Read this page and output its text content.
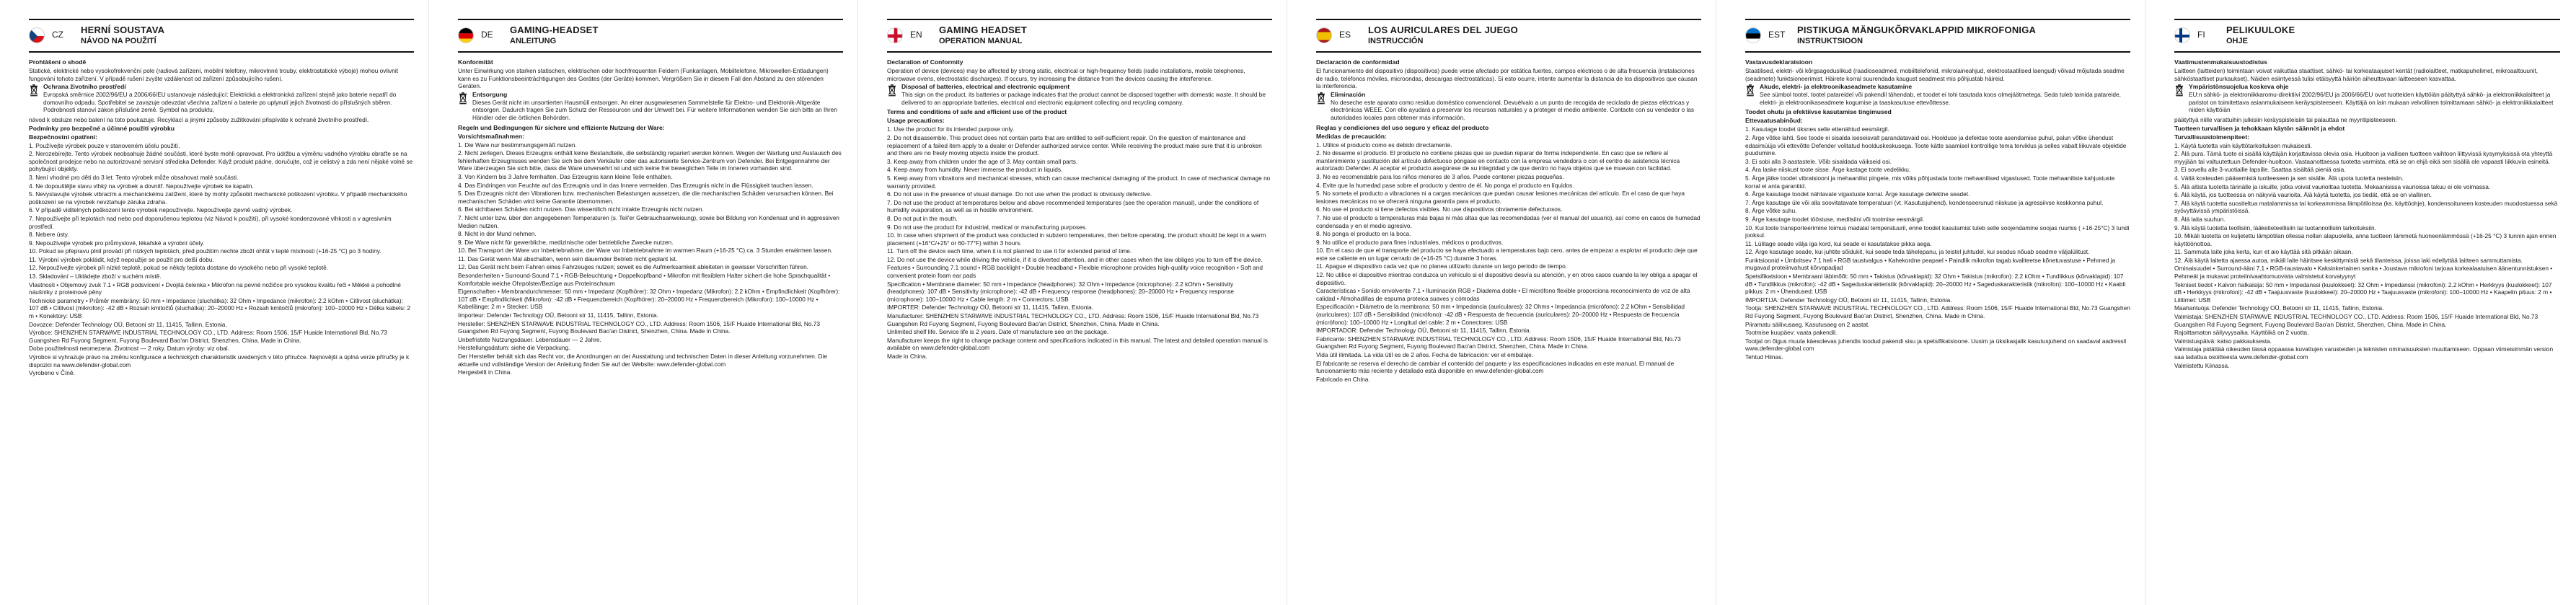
CZ	HERNÍ SOUSTAVA
NÁVOD NA POUŽITÍ
Prohlášení o shodě
Statické, elektrické nebo vysokofrekvenční pole (radiová zařízení, mobilní telefony, mikrovlnné trouby, elektrostatické výboje) mohou ovlivnit fungování tohoto zařízení. V případě rušení zvyšte vzdálenost od zařízení způsobujícího rušení.
Ochrana životního prostředí
Evropská směrnice 2002/96/EU a 2006/66/EU ustanovuje následující: Elektrická a elektronická zařízení stejně jako baterie nepatří do domovního odpadu. Spotřebitel se zavazuje odevzdat všechna zařízení a baterie po uplynutí jejich životnosti do příslušných sběren. Podrobnosti stanoví zákon příslušné země. Symbol na produktu,
návod k obsluze nebo balení na toto poukazuje. Recyklací a jinými způsoby zužitkování přispíváte k ochraně životního prostředí.
Podmínky pro bezpečné a účinné použití výrobku
Bezpečnostní opatření:
1. Používejte výrobek pouze v stanoveném účelu použití.
2. Nerozebírejte. Tento výrobek neobsahuje žádné součásti, které byste mohli opravovat. Pro údržbu a výměnu vadného výrobku obraťte se na společnost prodejce nebo na autorizované servisní střediska Defender. Když produkt pádne, doručujte, což je celistvý a zda není nějaké volné se pohybující objekty.
3. Není vhodné pro děti do 3 let. Tento výrobek může obsahovat malé součásti.
4. Ne dopouštějte stavu vlhký na výrobek a dovnitř. Nepoužívejte výrobek ke kapalin.
5. Nevystavujte výrobek vibracím a mechanickému zatížení, které by mohly způsobit mechanické poškození výrobku. V případě mechanického poškození se na výrobek nevztahuje záruka zdraha.
6. V případě viditelných poškození tento výrobek nepoužívejte. Nepoužívejte zjevně vadný výrobek.
7. Nepoužívejte při teplotách nad nebo pod doporučenou teplotou (viz Návod k použití), při vysoké kondenzované vlhkosti a v agresivním prostředí.
8. Nebere ústy.
9. Nepoužívejte výrobek pro průmyslové, lékařské a výrobní účely.
10. Pokud se přepravu plnil provádí při nízkých teplotách, před použitím nechte zboží ohřát v teplé místnosti (+16-25 °C) po 3 hodiny.
11. Výrobní výrobek pokládit, když nepoužije se použít pro delší dobu.
12. Nepoužívejte výrobek při nízké teplotě, pokud se někdy teplota dostane do vysokého nebo při vysoké teplotě.
13. Skladování – Ukládejte zboží v suchém místě.
Vlastnosti • Objemový zvuk 7.1 • RGB podsvícení • Dvojitá čelenka • Mikrofon na pevné nožičce pro vysokou kvalitu řeči • Měkké a pohodlné náušníky z proteinové pěny
Technické parametry • Průměr membrány: 50 mm • Impedance (sluchátka): 32 Ohm • Impedance (mikrofon): 2.2 kOhm • Citlivost (sluchátka): 107 dB • Citlivost (mikrofon): -42 dB • Rozsah kmitočtů (sluchátka): 20–20000 Hz • Rozsah kmitočtů (mikrofon): 100–10000 Hz • Délka kabelu: 2 m • Konektory: USB
Dovozce: Defender Technology OÜ, Betooni str 11, 11415, Tallinn, Estonia.
Výrobce: SHENZHEN STARWAVE INDUSTRIAL TECHNOLOGY CO., LTD. Address: Room 1506, 15/F Huaide International Bld, No.73 Guangshen Rd Fuyong Segment, Fuyong Boulevard Bao'an District, Shenzhen, China. Made in China.
Doba použitelnosti neomezena. Životnost — 2 roky. Datum výroby: viz obal.
Výrobce si vyhrazuje právo na změnu konfigurace a technických charakteristik uvedených v této příručce. Nejnovější a úplná verze příručky je k dispozici na www.defender-global.com
Vyrobeno v Číně.
DE	GAMING-HEADSET
ANLEITUNG
Konformität
Unter Einwirkung von starken statischen, elektrischen oder hochfrequenten Feldern (Funkanlagen, Mobiltelefone, Mikrowellen-Entladungen) kann es zu Funktionsbeeinträchtigungen des Gerätes (der Geräte) kommen. Vergrößern Sie in diesem Fall den Abstand zu den störenden Geräten.
Entsorgung
Dieses Gerät nicht im unsortierten Hausmüll entsorgen. An einer ausgewiesenen Sammelstelle für Elektro- und Elektronik-Altgeräte entsorgen. Dadurch tragen Sie zum Schutz der Ressourcen und der Umwelt bei. Für weitere Informationen wenden Sie sich bitte an Ihren Händler oder die örtlichen Behörden.
Regeln und Bedingungen für sichere und effiziente Nutzung der Ware:
Vorsichtsmaßnahmen:
1. Die Ware nur bestimmungsgemäß nutzen.
2. Nicht zerlegen. Dieses Erzeugnis enthält keine Bestandteile, die selbständig repariert werden können. Wegen der Wartung und Austausch des fehlerhaften Erzeugnisses wenden Sie sich bei dem Verkäufer oder das autorisierte Service-Zentrum von Defender. Bei Entgegennahme der Ware überzeugen Sie sich bitte, dass die Ware unversehrt ist und sich keine frei beweglichen Teile im Inneren vorhanden sind.
3. Von Kindern bis 3 Jahre fernhalten. Das Erzeugnis kann kleine Teile enthalten.
4. Das Eindringen von Feuchte auf das Erzeugnis und in das Innere vermeiden. Das Erzeugnis nicht in die Flüssigkeit tauchen lassen.
5. Das Erzeugnis nicht den Vibrationen bzw. mechanischen Belastungen aussetzen, die die mechanischen Schäden verursachen können. Bei mechanischen Schäden wird keine Garantie übernommen.
6. Bei sichtbaren Schäden nicht nutzen. Das wissentlich nicht intakte Erzeugnis nicht nutzen.
7. Nicht unter bzw. über den angegebenen Temperaturen (s. Teil'er Gebrauchsanweisung), sowie bei Bildung von Kondensat und in aggressiven Medien nutzen.
8. Nicht in der Mund nehmen.
9. Die Ware nicht für gewerbliche, medizinische oder betriebliche Zwecke nutzen.
10. Bei Transport der Ware vor Inbetriebnahme, der Ware vor Inbetriebnahme im warmen Raum (+16-25 °C) ca. 3 Stunden erwärmen lassen.
11. Das Gerät wenn Mal abschalten, wenn sein dauernder Betrieb nicht geplant ist.
12. Das Gerät nicht beim Fahren eines Fahrzeuges nutzen; soweit es die Aufmerksamkeit ableiteten in gewisser Vorschriften führen.
Besonderheiten • Surround-Sound 7.1 • RGB-Beleuchtung • Doppelkopfband • Mikrofon mit flexiblem Halter sichert die hohe Sprachqualität • Komfortable weiche Ohrpolster/Bezüge aus Proteinschaum
Eigenschaften • Membrandurchmesser: 50 mm • Impedanz (Kopfhörer): 32 Ohm • Impedanz (Mikrofon): 2.2 kOhm • Empfindlichkeit (Kopfhörer): 107 dB • Empfindlichkeit (Mikrofon): -42 dB • Frequenzbereich (Kopfhörer): 20–20000 Hz • Frequenzbereich (Mikrofon): 100–10000 Hz • Kabellänge: 2 m • Stecker: USB
Importeur: Defender Technology OÜ, Betooni str 11, 11415, Tallinn, Estonia.
Hersteller: SHENZHEN STARWAVE INDUSTRIAL TECHNOLOGY CO., LTD. Address: Room 1506, 15/F Huaide International Bld, No.73 Guangshen Rd Fuyong Segment, Fuyong Boulevard Bao'an District, Shenzhen, China. Made in China.
Unbefristete Nutzungsdauer. Lebensdauer — 2 Jahre.
Herstellungsdatum: siehe die Verpackung.
Der Hersteller behält sich das Recht vor, die Anordnungen an der Ausstattung und technischen Daten in dieser Anleitung vorzunehmen. Die aktuelle und vollständige Version der Anleitung finden Sie auf der Website: www.defender-global.com
Hergestellt in China.
EN	GAMING HEADSET
OPERATION MANUAL
Declaration of Conformity
Operation of device (devices) may be affected by strong static, electrical or high-frequency fields (radio installations, mobile telephones, microwave ovens, electrostatic discharges). If occurs, try increasing the distance from the devices causing the interference.
Disposal of batteries, electrical and electronic equipment
This sign on the product, its batteries or package indicates that the product cannot be disposed together with domestic waste. It should be delivered to an appropriate batteries, electrical and electronic equipment collecting and recycling company.
Terms and conditions of safe and efficient use of the product
Usage precautions:
1. Use the product for its intended purpose only.
2. Do not disassemble. This product does not contain parts that are entitled to self-sufficient repair. On the question of maintenance and replacement of a failed item apply to a dealer or Defender authorized service center. While receiving the product make sure that it is unbroken and there are no freely moving objects inside the product.
3. Keep away from children under the age of 3. May contain small parts.
4. Keep away from humidity. Never immerse the product in liquids.
5. Keep away from vibrations and mechanical stresses, which can cause mechanical damaging of the product. In case of mechanical damage no warranty provided.
6. Do not use in the presence of visual damage. Do not use when the product is obviously defective.
7. Do not use the product at temperatures below and above recommended temperatures (see the operation manual), under the conditions of humidity evaporation, as well as in hostile environment.
8. Do not put in the mouth.
9. Do not use the product for industrial, medical or manufacturing purposes.
10. In case when shipment of the product was conducted in subzero temperatures, then before operating, the product should be kept in a warm placement (+16°C/+25° or 60-77°F) within 3 hours.
11. Turn off the device each time, when it is not planned to use it for extended period of time.
12. Do not use the device while driving the vehicle, if it is diverted attention, and in other cases when the law obliges you to turn off the device.
Features • Surrounding 7.1 sound • RGB backlight • Double headband • Flexible microphone provides high-quality voice recognition • Soft and convenient protein foam ear pads
Specification • Membrane diameter: 50 mm • Impedance (headphones): 32 Ohm • Impedance (microphone): 2.2 kOhm • Sensitivity (headphones): 107 dB • Sensitivity (microphone): -42 dB • Frequency response (headphones): 20–20000 Hz • Frequency response (microphone): 100–10000 Hz • Cable length: 2 m • Connectors: USB
IMPORTER: Defender Technology OÜ, Betooni str 11, 11415, Tallinn, Estonia.
Manufacturer: SHENZHEN STARWAVE INDUSTRIAL TECHNOLOGY CO., LTD. Address: Room 1506, 15/F Huaide International Bld, No.73 Guangshen Rd Fuyong Segment, Fuyong Boulevard Bao'an District, Shenzhen, China. Made in China.
Unlimited shelf life. Service life is 2 years. Date of manufacture see on the package.
Manufacturer keeps the right to change package content and specifications indicated in this manual. The latest and detailed operation manual is available on www.defender-global.com
Made in China.
ES	LOS AURICULARES DEL JUEGO
INSTRUCCIÓN
Declaración de conformidad
El funcionamiento del dispositivo (dispositivos) puede verse afectado por estática fuertes, campos eléctricos o de alta frecuencia (instalaciones de radio, teléfonos móviles, microondas, descargas electrostáticas). Si esto ocurre, intente aumentar la distancia de los dispositivos que causan la interferencia.
Eliminación
No deseche este aparato como residuo doméstico convencional. Devuélvalo a un punto de recogida de reciclado de piezas eléctricas y electrónicas WEEE. Con ello ayudará a preservar los recursos naturales y a proteger el medio ambiente. Contacte con su vendedor o las autoridades locales para obtener más información.
Reglas y condiciones del uso seguro y eficaz del producto
Medidas de precaución:
1. Utilice el producto como es debido directamente.
2. No desarme el producto. El producto no contiene piezas que se puedan reparar de forma independiente. En caso que se refiere al mantenimiento y sustitución del artículo defectuoso póngase en contacto con la empresa vendedora o con el centro de asistencia técnica autorizado Defender. Al aceptar el producto asegúrese de su integridad y de que dentro no haya objetos que se muevan con facilidad.
3. No es recomendable para los niños menores de 3 años. Puede contener piezas pequeñas.
4. Evite que la humedad pase sobre el producto y dentro de él. No ponga el producto en líquidos.
5. No someta el producto a vibraciones ni a cargas mecánicas que puedan causar lesiones mecánicas del artículo. En el caso de que haya lesiones mecánicas no se ofrecerá ninguna garantía para el producto.
6. No use el producto si tiene defectos visibles. No use dispositivos obviamente defectuosos.
7. No use el producto a temperaturas más bajas ni más altas que las recomendadas (ver el manual del usuario), así como en casos de humedad condensada y en el medio agresivo.
8. No ponga el producto en la boca.
9. No utilice el producto para fines industriales, médicos o productivos.
10. En el caso de que el transporte del producto se haya efectuado a temperaturas bajo cero, antes de empezar a explotar el producto deje que este se caliente en un lugar cerrado de (+16-25 °C) durante 3 horas.
11. Apague el dispositivo cada vez que no planea utilizarlo durante un largo periodo de tiempo.
12. No utilice el dispositivo mientras conduzca un vehículo si el dispositivo desvía su atención, y en otros casos cuando la ley obliga a apagar el dispositivo.
Características • Sonido envolvente 7.1 • Iluminación RGB • Diadema doble • El micrófono flexible proporciona reconocimiento de voz de alta calidad • Almohadillas de espuma proteica suaves y cómodas
Especificación • Diámetro de la membrana: 50 mm • Impedancia (auriculares): 32 Ohms • Impedancia (micrófono): 2.2 kOhm • Sensibilidad (auriculares): 107 dB • Sensibilidad (micrófono): -42 dB • Respuesta de frecuencia (auriculares): 20–20000 Hz • Respuesta de frecuencia (micrófono): 100–10000 Hz • Longitud del cable: 2 m • Conectores: USB
IMPORTADOR: Defender Technology OÜ, Betooni str 11, 11415, Tallinn, Estonia.
Fabricante: SHENZHEN STARWAVE INDUSTRIAL TECHNOLOGY CO., LTD. Address: Room 1506, 15/F Huaide International Bld, No.73 Guangshen Rd Fuyong Segment, Fuyong Boulevard Bao'an District, Shenzhen, China. Made in China.
Vida útil ilimitada. La vida útil es de 2 años. Fecha de fabricación: ver el embalaje.
El fabricante se reserva el derecho de cambiar el contenido del paquete y las especificaciones indicadas en este manual. El manual de funcionamiento más reciente y detallado está disponible en www.defender-global.com
Fabricado en China.
EST	PISTIKUGA MÄNGUKÕRVAKLAPPID MIKROFONIGA
INSTRUKTSIOON
Vastavusdeklaratsioon
Staatilised, elektri- või kõrgsageduslikud (raadioseadmed, mobiiltelefonid, mikrolaineahjud, elektrostaatilised laengud) võivad mõjutada seadme (seadmete) funktsioneerimist. Häirete korral suurendada kaugust seadmest mis põhjustab häireid.
Akude, elektri- ja elektroonikaseadmete kasutamine
See sümbol tootel, tootel patareidel või pakendil tähendab, et toodet ei tohi tasutada koos olmejäätmetega. Seda tuleb tarnida patareide, elektri- ja elektroonikaseadmete kogumise ja taaskasutuse ettevõttesse.
Toodet ohutu ja efektiivse kasutamise tingimused
Ettevaatusabinõud:
1. Kasutage toodet üksnes selle ettenähtud eesmärgil.
2. Ärge võtke lahti. See toode ei sisalda iseseisvalt parandatavaid osi. Hoolduse ja defektse toote asendamise puhul, palun võtke ühendust edasimüüja või ettevõtte Defender volitatud hoolduskeskusega. Toote kätte saamisel kontrollige tema terviklus ja selles vabalt liikuvate objektide puudumine.
3. Ei sobi alla 3-aastastele. Võib sisaldada väikseid osi.
4. Ära laske niiskust toote sisse. Ärge kastage toote vedelikku.
5. Ärge jätke toodet vibratsiooni ja mehaanilist pingete, mis võiks põhjustada toote mehaanilised vigastused. Toote mehaaniliste kahjustuste korral ei anta garantiid.
6. Ärge kasutage toodet nähtavate vigastuste korral. Ärge kasutage defektne seadet.
7. Ärge kasutage üle või alla soovitatavate temperatuuri (vt. Kasutusjuhend), kondenseerunud niiskuse ja agressiivse keskkonna puhul.
8. Ärge võtke suhu.
9. Ärge kasutage toodet tööstuse, meditsiini või tootmise eesmärgil.
10. Kui toote transporteerimine toimus madalal temperatuuril, enne toodet kasutamist tuleb selle soojendamine soojas ruumis ( +16-25°C) 3 tundi jooksul.
11. Lülitage seade välja iga kord, kui seade ei kasutatakse pikka aega.
12. Ärge kasutage seade, kui juhtite sõidukit, kui seade teda tähelepanu, ja teistel juhtudel, kui seadus nõuab seadme väljalülitust.
Funktsioonid • Ümbritsev 7.1 heli • RGB taustvalgus • Kahekordne peapael • Paindlik mikrofon tagab kvaliteetse kõnetuvastuse • Pehmed ja mugavad proteiinvahust kõrvapadjad
Spetsifikatsioon • Membraani läbimõõt: 50 mm • Takistus (kõrvaklapid): 32 Ohm • Takistus (mikrofon): 2.2 kOhm • Tundlikkus (kõrvaklapid): 107 dB • Tundlikkus (mikrofon): -42 dB • Sageduskarakteristik (kõrvaklapid): 20–20000 Hz • Sageduskarakteristik (mikrofon): 100–10000 Hz • Kaabli pikkus: 2 m • Ühendused: USB
IMPORTIJA: Defender Technology OÜ, Betooni str 11, 11415, Tallinn, Estonia.
Tootja: SHENZHEN STARWAVE INDUSTRIAL TECHNOLOGY CO., LTD. Address: Room 1506, 15/F Huaide International Bld, No.73 Guangshen Rd Fuyong Segment, Fuyong Boulevard Bao'an District, Shenzhen, China. Made in China.
Piiramatu säilivusaeg. Kasutusaeg on 2 aastat.
Tootmise kuupäev: vaata pakendil.
Tootjal on õigus muuta käesolevas juhendis toodud pakendi sisu ja spetsifikatsioone. Uusim ja üksikasjalik kasutusjuhend on saadaval aadressil www.defender-global.com
Tehtud Hiinas.
FI	PELIKUULOKE
OHJE
Vaatimustenmukaisuustodistus
Laitteen (laitteiden) toimintaan voivat vaikuttaa staattiset, sähkö- tai korkeataajuiset kentät (radiolaitteet, matkapuhelimet, mikroaaltouunit, sähköstaattiset purkaukset). Näiden esiintyessä tulisi etäisyyttä häiriön aiheuttavaan laitteeseen kasvattaa.
Ympäristönsuojelua koskeva ohje
EU:n sähkö- ja elektroniikkaromu-direktiivi 2002/96/EU ja 2006/66/EU ovat tuotteiden käyttöiän päätyttyä sähkö- ja elektroniikkalaitteet ja paristot on toimitettava asianmukaiseen keräyspisteeseen. Käyttäjä on lain mukaan velvollinen toimittamaan sähkö- ja elektroniikkalaitteet niiden käyttöiän
päätyttyä niille varattuihin julkisiin keräyspisteisiin tai palauttaa ne myyntipisteeseen.
Tuotteen turvallisen ja tehokkaan käytön säännöt ja ehdot
Turvallisuustoimenpiteet:
1. Käytä tuotetta vain käyttötarkoituksen mukaisesti.
2. Älä pura. Tämä tuote ei sisällä käyttäjän korjattavissa olevia osia. Huoltoon ja viallisen tuotteen vaihtoon liittyvissä kysymyksissä ota yhteyttä myyjään tai valtuutettuun Defender-huoltoon. Vastaanottaessa tuotetta varmista, että se on ehjä eikä sen sisällä ole vapaasti liikkuvia esineitä.
3. Ei sovellu alle 3-vuotiaille lapsille. Saattaa sisältää pieniä osia.
4. Vältä kosteuden pääsemistä tuotteeseen ja sen sisälle. Älä upota tuotetta nesteisiin.
5. Älä altista tuotetta tärinälle ja iskuille, jotka voivat vaurioittaa tuotetta. Mekaanisissa vaurioissa takuu ei ole voimassa.
6. Älä käytä, jos tuotteessa on näkyviä vaurioita. Älä käytä tuotetta, jos tiedät, että se on viallinen.
7. Älä käytä tuotetta suositeltua matalammissa tai korkeammissa lämpötiloissa (ks. käyttöohje), kondensoituneen kosteuden muodostuessa sekä syövyttävissä ympäristöissä.
8. Älä laita suuhun.
9. Älä käytä tuotetta teollisiin, lääketieteellisiin tai tuotannollisiin tarkoituksiin.
10. Mikäli tuotetta on kuljetettu lämpötilan ollessa nollan alapuolella, anna tuotteen lämmetä huoneenlämmössä (+16-25 °C) 3 tunnin ajan ennen käyttöönottoa.
11. Sammuta laite joka kerta, kun et aio käyttää sitä pitkään aikaan.
12. Älä käytä laitetta ajaessa autoa, mikäli laite häiritsee keskittymistä sekä tilanteissa, joissa laki edellyttää laitteen sammuttamista.
Ominaisuudet • Surround-ääni 7.1 • RGB-taustavalo • Kaksinkertainen sanka • Joustava mikrofoni tarjoaa korkealaatuisen äänentunnistuksen • Pehmeät ja mukavat proteiinivaahtomuovista valmistetut korvatyynyt
Tekniset tiedot • Kalvon halkaisija: 50 mm • Impedanssi (kuulokkeet): 32 Ohm • Impedanssi (mikrofoni): 2.2 kOhm • Herkkyys (kuulokkeet): 107 dB • Herkkyys (mikrofoni): -42 dB • Taajuusvaste (kuulokkeet): 20–20000 Hz • Taajuusvaste (mikrofoni): 100–10000 Hz • Kaapelin pituus: 2 m • Liittimet: USB
Maahantuoja: Defender Technology OÜ, Betooni str 11, 11415, Tallinn, Estonia.
Valmistaja: SHENZHEN STARWAVE INDUSTRIAL TECHNOLOGY CO., LTD. Address: Room 1506, 15/F Huaide International Bld, No.73 Guangshen Rd Fuyong Segment, Fuyong Boulevard Bao'an District, Shenzhen, China. Made in China.
Rajoittamaton säilyvyysaika. Käyttöikä on 2 vuotta.
Valmistuspäivä: katso pakkauksesta.
Valmistaja pidättää oikeuden tässä oppaassa kuvattujen varusteiden ja teknisten ominaisuuksien muuttamiseen. Oppaan viimeisimmän version saa ladattua osoitteesta www.defender-global.com
Valmistettu Kiinassa.
